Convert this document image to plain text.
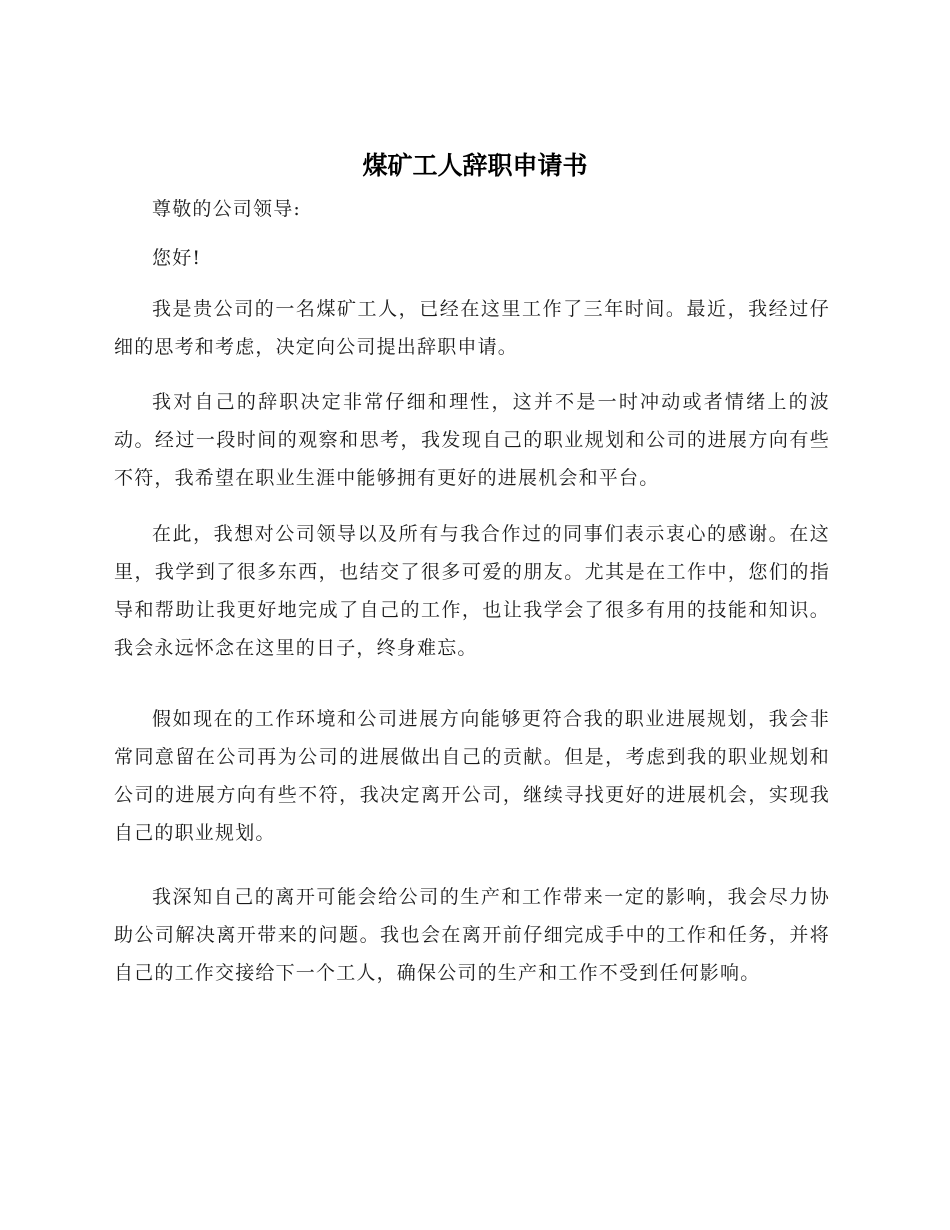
煤矿工人辞职申请书

尊敬的公司领导:

您好!

我是贵公司的一名煤矿工人，已经在这里工作了三年时间。最近，我经过仔细的思考和考虑，决定向公司提出辞职申请。

我对自己的辞职决定非常仔细和理性，这并不是一时冲动或者情绪上的波动。经过一段时间的观察和思考，我发现自己的职业规划和公司的进展方向有些不符，我希望在职业生涯中能够拥有更好的进展机会和平台。

在此，我想对公司领导以及所有与我合作过的同事们表示衷心的感谢。在这里，我学到了很多东西，也结交了很多可爱的朋友。尤其是在工作中，您们的指导和帮助让我更好地完成了自己的工作，也让我学会了很多有用的技能和知识。我会永远怀念在这里的日子，终身难忘。

假如现在的工作环境和公司进展方向能够更符合我的职业进展规划，我会非常同意留在公司再为公司的进展做出自己的贡献。但是，考虑到我的职业规划和公司的进展方向有些不符，我决定离开公司，继续寻找更好的进展机会，实现我自己的职业规划。

我深知自己的离开可能会给公司的生产和工作带来一定的影响，我会尽力协助公司解决离开带来的问题。我也会在离开前仔细完成手中的工作和任务，并将自己的工作交接给下一个工人，确保公司的生产和工作不受到任何影响。
